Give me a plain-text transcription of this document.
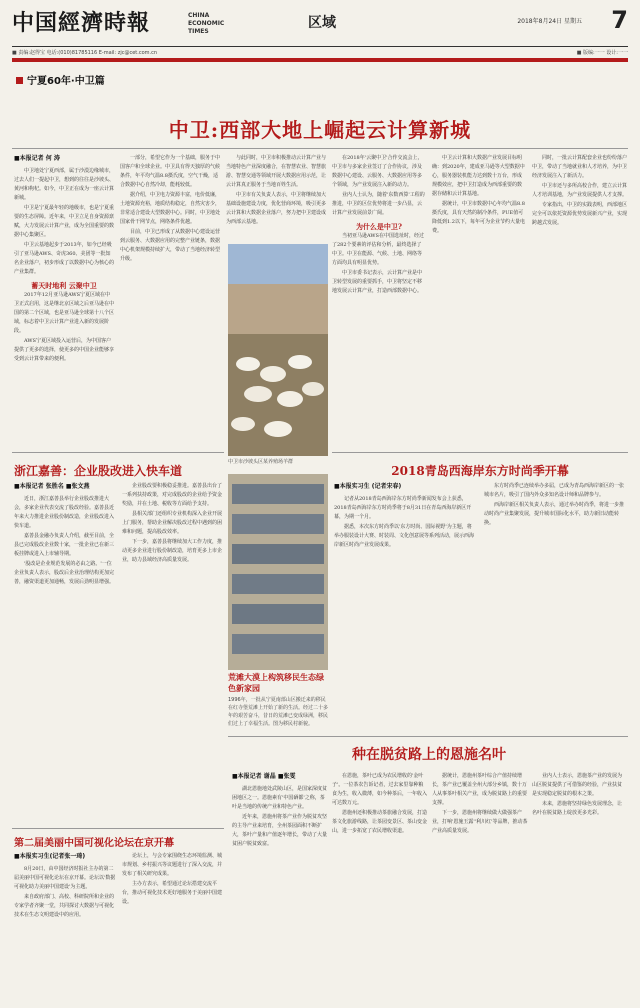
中国經濟時報	CHINA
ECONOMIC
TIMES
区域	2018年8月24日 星期五 7
■ 责编:赵得宝 电话:(010)81785116 E-mail: zjc@cet.com.cn	■ 版编:一一 设计:一一
宁夏60年·中卫篇
中卫:西部大地上崛起云计算新城
■本报记者 何 涛

中卫地处宁夏西部，属于沙漠边缘城市，过去人们一提起中卫，想到的往往是沙坡头、黄河和枸杞。如今，中卫正在成为一座云计算新城。

中卫是宁夏最年轻的地级市，也是宁夏重要的生态屏障。近年来，中卫立足自身资源禀赋，大力发展云计算产业，成为全国重要的数据中心集聚区。

中卫云基地起步于2013年，如今已经吸引了亚马逊AWS、奇虎360、美团等一批知名企业落户，初步形成了以数据中心为核心的产业集群。

蓄天时地利 云聚中卫

2017年12月亚马逊AWS宁夏区域在中卫正式启用，这是继北京区域之后亚马逊在中国的第二个区域，也是亚马逊全球第十八个区域，标志着中卫云计算产业进入新的发展阶段。

AWS宁夏区域投入运营后，为中国客户提供了更多的选择，使更多的中国企业能够享受到云计算带来的便利。

一部分，希望它作为一个基础，服务于中国客户和全球企业。中卫具有得天独厚的气候条件，年平均气温8.8摄氏度，空气干燥，适合数据中心自然冷却，能耗较低。

据介绍，中卫电力资源丰富，电价低廉，土地资源充裕，地质结构稳定，自然灾害少，非常适合建设大型数据中心。同时，中卫地处国家骨干网节点，网络条件优越。

目前，中卫已形成了从数据中心建设运营到云服务、大数据应用的完整产业链条，数据中心机架规模持续扩大，带动了当地经济转型升级。

与此同时，中卫市积极推动云计算产业与当地特色产业深度融合，在智慧农业、智慧旅游、智慧交通等领域开展大数据应用示范，让云计算真正服务于当地百姓生活。

中卫市有关负责人表示，中卫将继续加大基础设施建设力度，优化营商环境，吸引更多云计算和大数据企业落户，努力把中卫建设成为西部云基地。

在2018年'云聚中卫'合作交流会上，中卫市与多家企业签订了合作协议，涉及数据中心建设、云服务、大数据应用等多个领域，为产业发展注入新的动力。

业内人士认为，随着'东数西算'工程的推进，中卫的区位优势将进一步凸显，云计算产业发展前景广阔。

为什么是中卫?

当初亚马逊AWS在中国选址时，经过了282个要素的评估和分析，最终选择了中卫。中卫在能源、气候、土地、网络等方面均具有明显优势。

中卫市委书记表示，云计算产业是中卫转型发展的重要抓手，中卫将坚定不移地发展云计算产业，打造西部数据中心。

中卫云计算和大数据产业发展目标明确：到2020年，建成亚马逊等大型数据中心，服务器装机能力达到数十万台，形成规模效应，把中卫打造成为西部重要的数据存储和云计算基地。

据统计，中卫市数据中心年均气温8.8摄氏度，具有天然的制冷条件，PUE值可降低到1.2以下，每年可为企业节约大量电费。

同时，一批云计算配套企业也纷纷落户中卫，带动了当地就业和人才培养，为中卫经济发展注入了新活力。

中卫市还与多所高校合作，建立云计算人才培训基地，为产业发展提供人才支撑。

专家指出，中卫的实践表明，西部地区完全可以依托资源优势发展新兴产业，实现跨越式发展。

中卫市沙坡头区某养殖场羊群
浙江嘉善：企业股改进入快车道
■本报记者 张胜名 ■张文燕

近日，浙江嘉善县举行企业股改推进大会，多家企业代表交流了股改经验。嘉善县近年来大力推进企业股份制改造，企业股改进入快车道。

嘉善县金融办负责人介绍，截至目前，全县已完成股改企业数十家，一批企业已在新三板挂牌或进入上市辅导期。

'股改是企业规范发展的必由之路。'一位企业负责人表示，股改后企业治理结构更加完善，融资渠道更加通畅，发展后劲明显增强。

企业股改要积极稳妥推进。嘉善县出台了一系列扶持政策，对完成股改的企业给予资金奖励，并在土地、税收等方面给予支持。

县相关部门还组织专业机构深入企业开展上门服务，帮助企业解决股改过程中遇到的困难和问题，提高股改效率。

下一步，嘉善县将继续加大工作力度，推动更多企业进行股份制改造，培育更多上市企业，助力县域经济高质量发展。

荒滩大漠上构筑移民生态绿色新家园
1996年，一批从宁夏南部山区搬迁来的移民在红寺堡荒滩上开始了新的生活。经过二十多年的艰苦奋斗，昔日的荒滩已变成绿洲，移民们过上了幸福生活。图为移民村新貌。
2018青岛西海岸东方时尚季开幕
■本报实习生 (记者宋春)

记者从2018青岛西海岸东方时尚季新闻发布会上获悉，2018青岛西海岸东方时尚季将于8月31日在青岛西海岸新区开幕，为期一个月。

据悉，本次东方时尚季以'东方时尚、国际视野'为主题，将举办服装设计大赛、时装周、文化创意展等系列活动，展示西海岸新区时尚产业发展成果。

东方时尚季已连续举办多届，已成为青岛西海岸新区的一张城市名片，吸引了国内外众多知名设计师和品牌参与。

西海岸新区相关负责人表示，通过举办时尚季，将进一步推动时尚产业集聚发展，提升城市国际化水平，助力新旧动能转换。

种在脱贫路上的恩施名叶
■本报记者 谢晶 ■张雯

湖北恩施地处武陵山区，是国家深度贫困地区之一。恩施素有'中国硒都'之称，茶叶是当地的传统产业和特色产业。

近年来，恩施州将茶产业作为脱贫攻坚的主导产业来培育，全州茶园面积不断扩大，茶叶产量和产值逐年增长，带动了大量贫困户脱贫致富。

在恩施，茶叶已成为农民增收的'金叶子'。一位茶农告诉记者，过去家里靠种粮食为生，收入微薄，如今种茶后，一年收入可达数万元。

恩施州还积极推动茶旅融合发展，打造茶文化旅游线路，让茶园变景区、茶山变金山，进一步拓宽了农民增收渠道。

据统计，恩施州茶叶综合产值持续增长，茶产业已覆盖全州大部分乡镇，数十万人从事茶叶相关产业，成为脱贫路上的重要支撑。

下一步，恩施州将继续做大做强茶产业，打响'恩施玉露''利川红'等品牌，推动茶产业高质量发展。

业内人士表示，恩施茶产业的发展为山区脱贫提供了可借鉴的经验，产业扶贫是实现稳定脱贫的根本之策。

未来，恩施将坚持绿色发展理念，让名叶在脱贫路上绽放更多光彩。

第二届美丽中国可视化论坛在京开幕
■本报实习生(记者张一琦)

8月20日，由中国经济时报社主办的第二届美丽中国可视化论坛在京开幕。论坛以'数据可视化助力美丽中国建设'为主题。

来自政府部门、高校、科研院所和企业的专家学者齐聚一堂，共同探讨大数据与可视化技术在生态文明建设中的应用。

论坛上，与会专家围绕生态环境监测、城市规划、乡村振兴等议题进行了深入交流，并发布了相关研究成果。

主办方表示，希望通过论坛搭建交流平台，推动可视化技术更好地服务于美丽中国建设。
